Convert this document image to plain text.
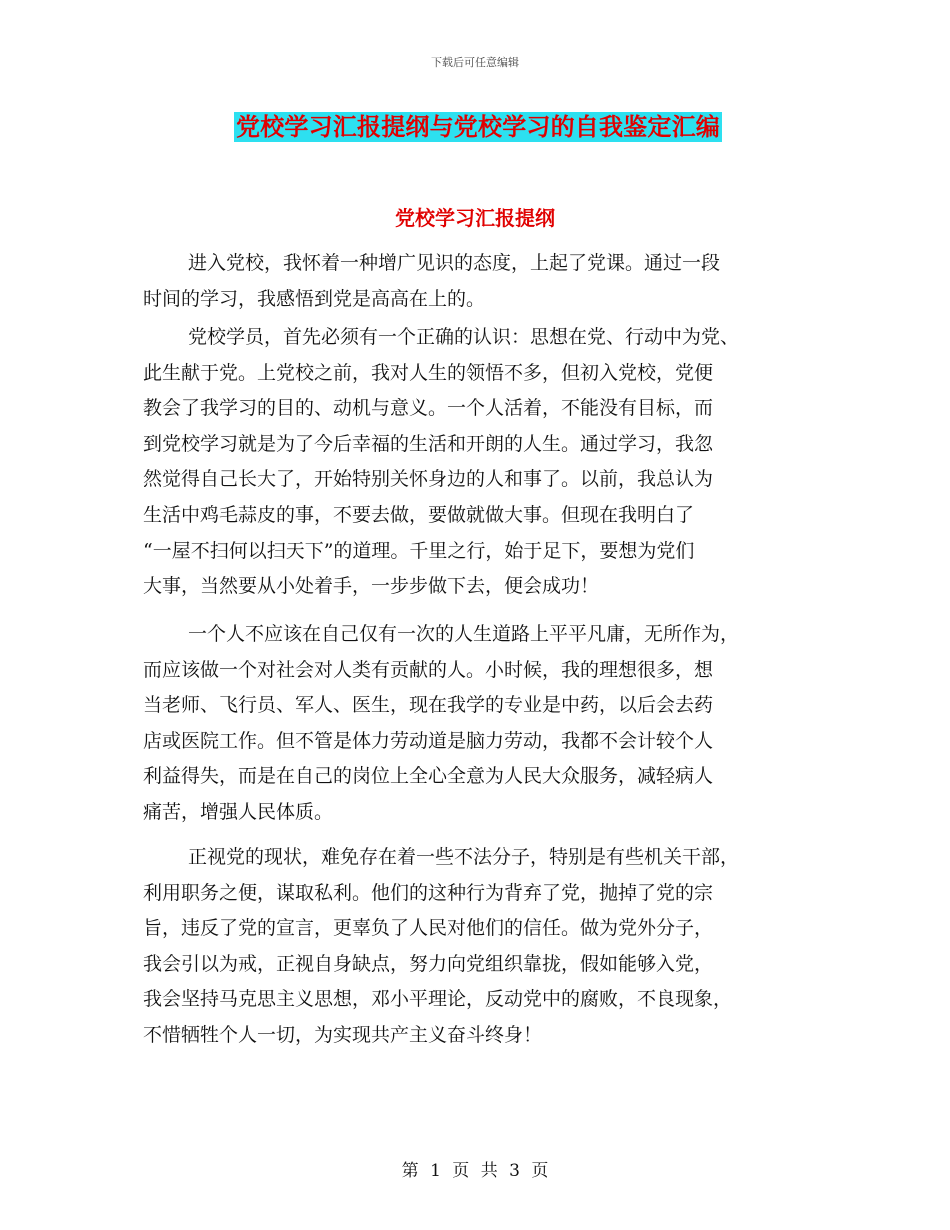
下载后可任意编辑
党校学习汇报提纲与党校学习的自我鉴定汇编
党校学习汇报提纲
进入党校，我怀着一种增广见识的态度，上起了党课。通过一段
时间的学习，我感悟到党是高高在上的。
党校学员，首先必须有一个正确的认识：思想在党、行动中为党、
此生献于党。上党校之前，我对人生的领悟不多，但初入党校，党便
教会了我学习的目的、动机与意义。一个人活着，不能没有目标，而
到党校学习就是为了今后幸福的生活和开朗的人生。通过学习，我忽
然觉得自己长大了，开始特别关怀身边的人和事了。以前，我总认为
生活中鸡毛蒜皮的事，不要去做，要做就做大事。但现在我明白了
“一屋不扫何以扫天下”的道理。千里之行，始于足下，要想为党们
大事，当然要从小处着手，一步步做下去，便会成功！
一个人不应该在自己仅有一次的人生道路上平平凡庸，无所作为，
而应该做一个对社会对人类有贡献的人。小时候，我的理想很多，想
当老师、飞行员、军人、医生，现在我学的专业是中药，以后会去药
店或医院工作。但不管是体力劳动道是脑力劳动，我都不会计较个人
利益得失，而是在自己的岗位上全心全意为人民大众服务，减轻病人
痛苦，增强人民体质。
正视党的现状，难免存在着一些不法分子，特别是有些机关干部，
利用职务之便，谋取私利。他们的这种行为背弃了党，抛掉了党的宗
旨，违反了党的宣言，更辜负了人民对他们的信任。做为党外分子，
我会引以为戒，正视自身缺点，努力向党组织靠拢，假如能够入党，
我会坚持马克思主义思想，邓小平理论，反动党中的腐败，不良现象，
不惜牺牲个人一切，为实现共产主义奋斗终身！
第 1 页 共 3 页
